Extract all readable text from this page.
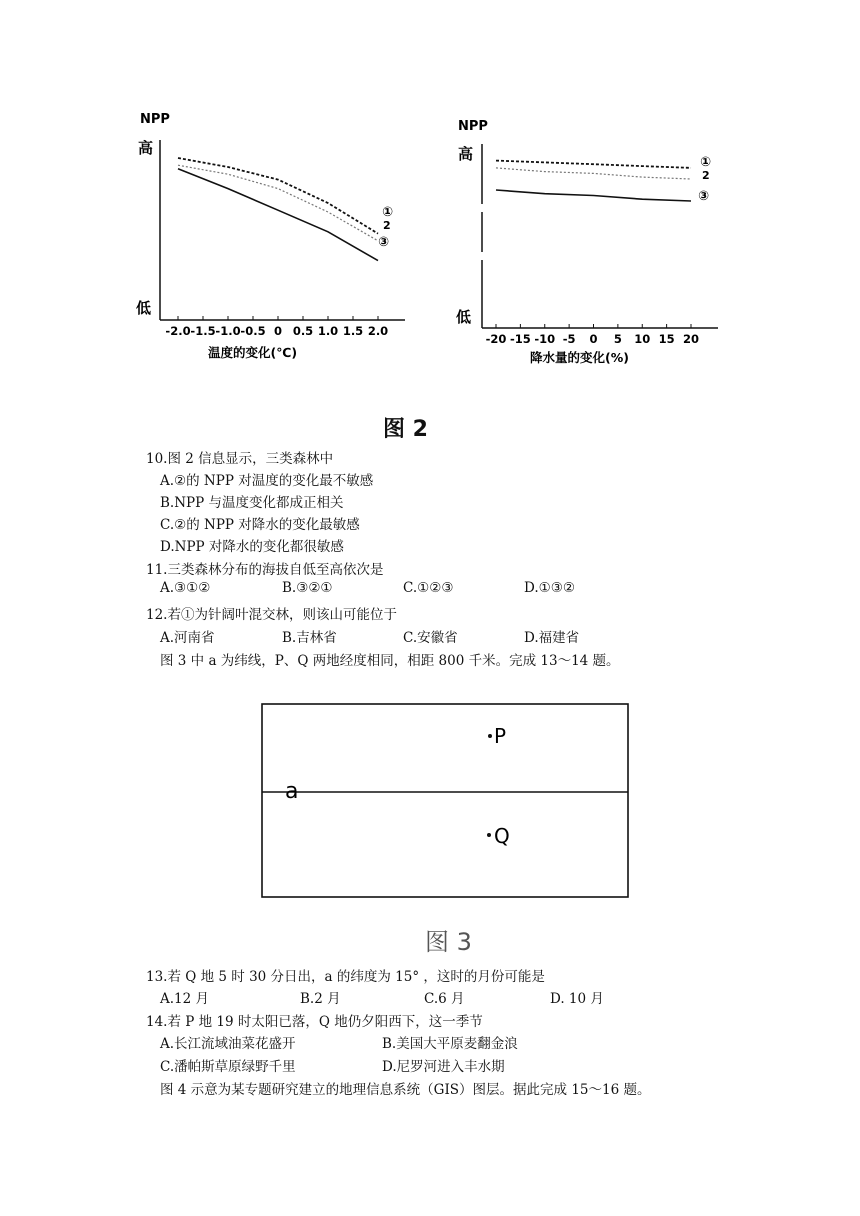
NPP
高
低
-2.0 -1.5 -1.0 -0.5 0 0.5 1.0 1.5 2.0
①
2
③
温度的变化(℃)
NPP
高
低
-20 -15 -10 -5 0 5 10 15 20
①
2
③
降水量的变化(%)
图 2
10.图 2 信息显示，三类森林中
A.②的 NPP 对温度的变化最不敏感
B.NPP 与温度变化都成正相关
C.②的 NPP 对降水的变化最敏感
D.NPP 对降水的变化都很敏感
11.三类森林分布的海拔自低至高依次是
A.③①②	B.③②①	C.①②③	D.①③②
12.若①为针阔叶混交林，则该山可能位于
A.河南省	B.吉林省	C.安徽省	D.福建省
图 3 中 a 为纬线，P、Q 两地经度相同，相距 800 千米。完成 13～14 题。
a
P
Q
图 3
13.若 Q 地 5 时 30 分日出，a 的纬度为 15° ，这时的月份可能是
A.12 月	B.2 月	C.6 月	D. 10 月
14.若 P 地 19 时太阳已落，Q 地仍夕阳西下，这一季节
A.长江流域油菜花盛开	B.美国大平原麦翻金浪
C.潘帕斯草原绿野千里	D.尼罗河进入丰水期
图 4 示意为某专题研究建立的地理信息系统（GIS）图层。据此完成 15～16 题。
